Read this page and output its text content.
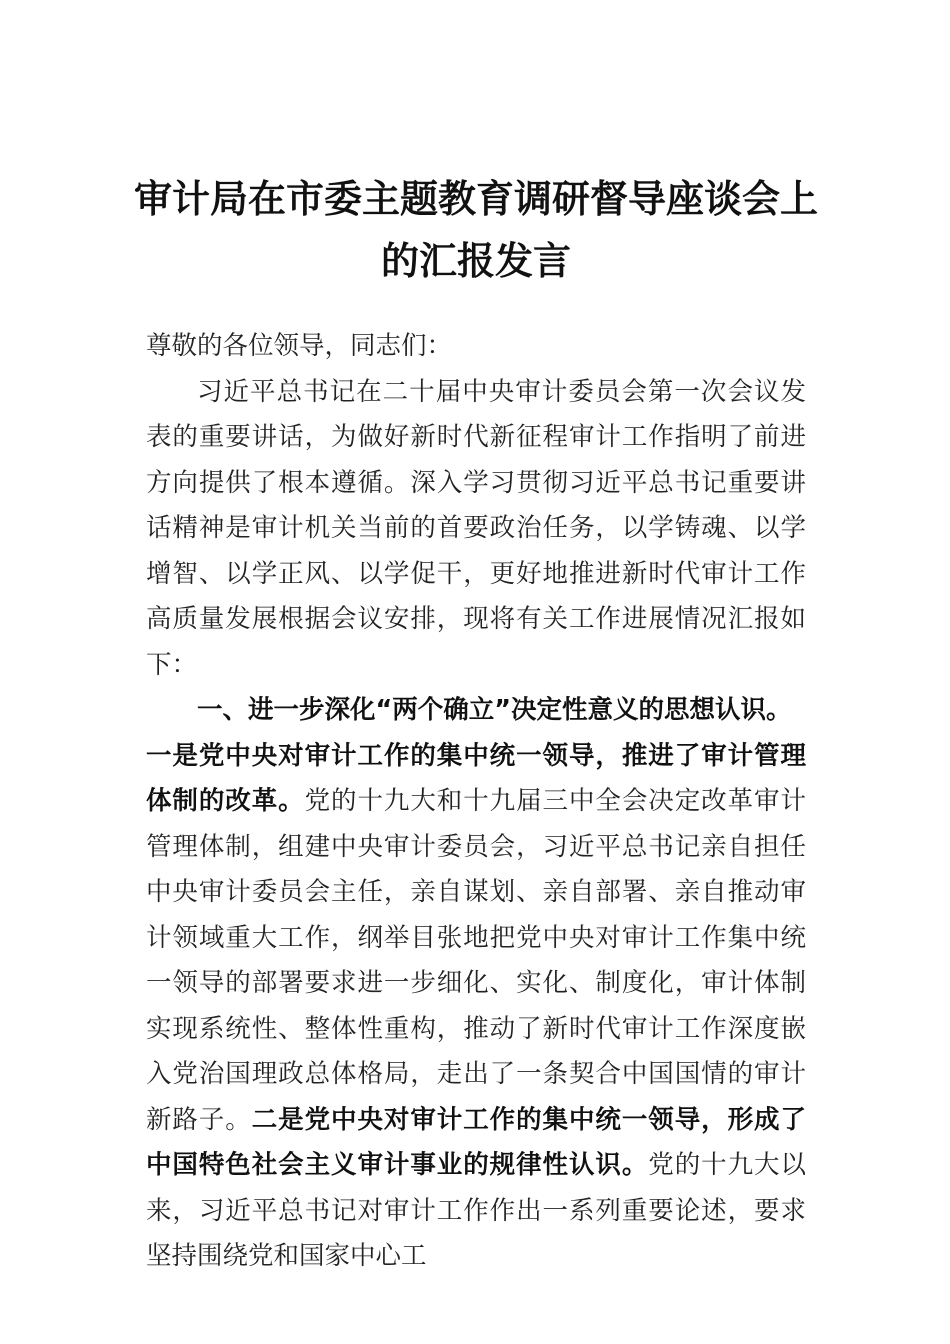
审计局在市委主题教育调研督导座谈会上
的汇报发言

尊敬的各位领导，同志们：

习近平总书记在二十届中央审计委员会第一次会议发表的重要讲话，为做好新时代新征程审计工作指明了前进方向提供了根本遵循。深入学习贯彻习近平总书记重要讲话精神是审计机关当前的首要政治任务，以学铸魂、以学增智、以学正风、以学促干，更好地推进新时代审计工作高质量发展根据会议安排，现将有关工作进展情况汇报如下：

一、进一步深化“两个确立”决定性意义的思想认识。

一是党中央对审计工作的集中统一领导，推进了审计管理体制的改革。党的十九大和十九届三中全会决定改革审计管理体制，组建中央审计委员会，习近平总书记亲自担任中央审计委员会主任，亲自谋划、亲自部署、亲自推动审计领域重大工作，纲举目张地把党中央对审计工作集中统一领导的部署要求进一步细化、实化、制度化，审计体制实现系统性、整体性重构，推动了新时代审计工作深度嵌入党治国理政总体格局，走出了一条契合中国国情的审计新路子。二是党中央对审计工作的集中统一领导，形成了中国特色社会主义审计事业的规律性认识。党的十九大以来，习近平总书记对审计工作作出一系列重要论述，要求坚持围绕党和国家中心工
